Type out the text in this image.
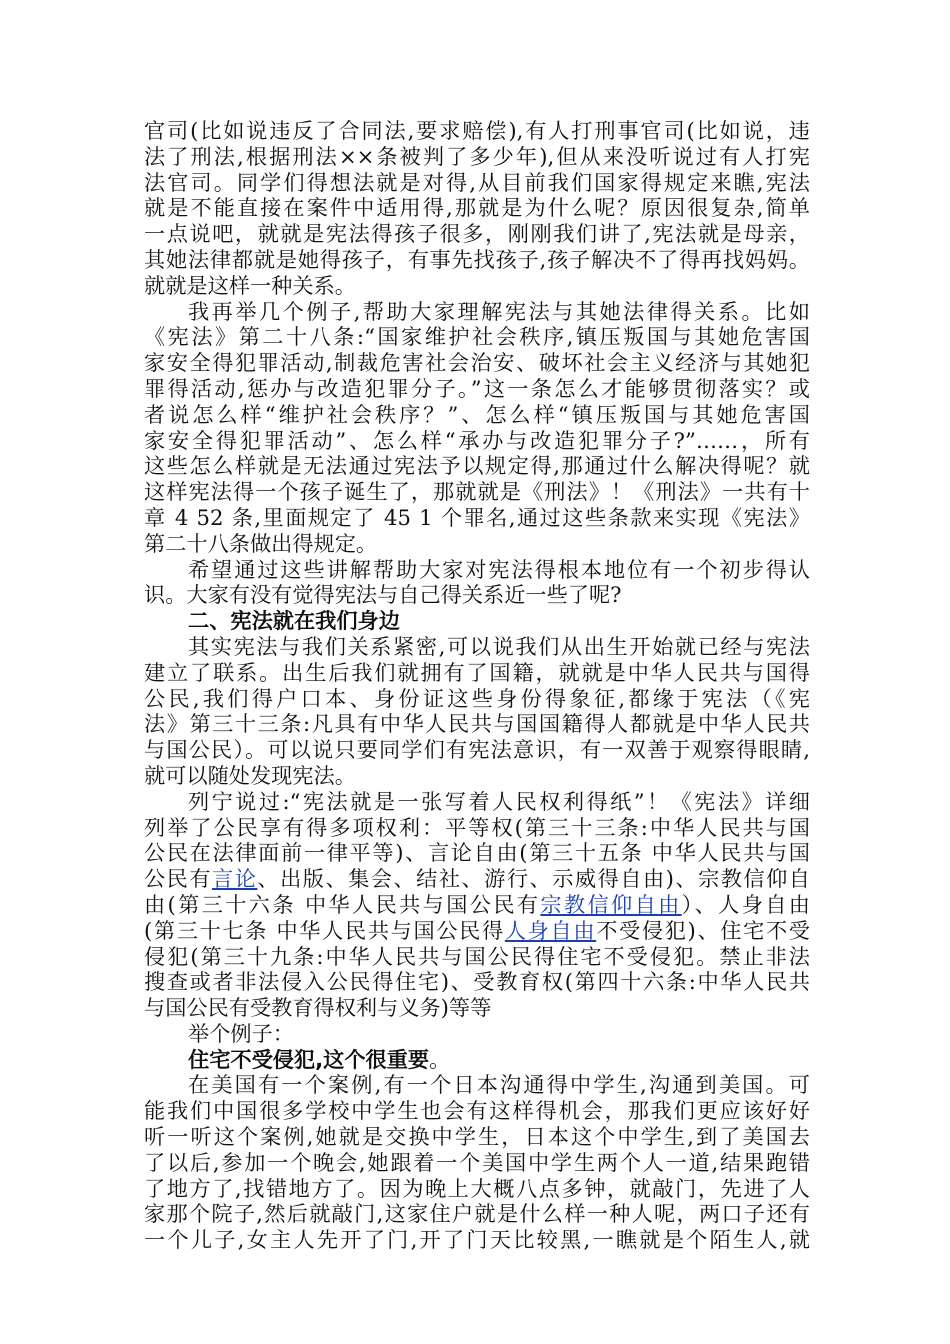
官司(比如说违反了合同法,要求赔偿),有人打刑事官司(比如说，违
法了刑法,根据刑法××条被判了多少年),但从来没听说过有人打宪
法官司。同学们得想法就是对得,从目前我们国家得规定来瞧,宪法
就是不能直接在案件中适用得,那就是为什么呢？原因很复杂,简单
一点说吧，就就是宪法得孩子很多，刚刚我们讲了,宪法就是母亲，
其她法律都就是她得孩子，有事先找孩子,孩子解决不了得再找妈妈。
就就是这样一种关系。
我再举几个例子,帮助大家理解宪法与其她法律得关系。比如
《宪法》第二十八条:“国家维护社会秩序,镇压叛国与其她危害国
家安全得犯罪活动,制裁危害社会治安、破坏社会主义经济与其她犯
罪得活动,惩办与改造犯罪分子。”这一条怎么才能够贯彻落实？或
者说怎么样“维护社会秩序？”、怎么样“镇压叛国与其她危害国
家安全得犯罪活动”、怎么样“承办与改造犯罪分子?”……，所有
这些怎么样就是无法通过宪法予以规定得,那通过什么解决得呢？就
这样宪法得一个孩子诞生了，那就就是《刑法》！《刑法》一共有十
章 4 52 条,里面规定了 45 1 个罪名,通过这些条款来实现《宪法》
第二十八条做出得规定。
希望通过这些讲解帮助大家对宪法得根本地位有一个初步得认
识。大家有没有觉得宪法与自己得关系近一些了呢?
二、宪法就在我们身边
其实宪法与我们关系紧密,可以说我们从出生开始就已经与宪法
建立了联系。出生后我们就拥有了国籍，就就是中华人民共与国得
公民,我们得户口本、身份证这些身份得象征,都缘于宪法（《宪
法》第三十三条:凡具有中华人民共与国国籍得人都就是中华人民共
与国公民）。可以说只要同学们有宪法意识，有一双善于观察得眼睛,
就可以随处发现宪法。
列宁说过:“宪法就是一张写着人民权利得纸”！《宪法》详细
列举了公民享有得多项权利：平等权(第三十三条:中华人民共与国
公民在法律面前一律平等)、言论自由(第三十五条 中华人民共与国
公民有言论、出版、集会、结社、游行、示威得自由)、宗教信仰自
由(第三十六条 中华人民共与国公民有宗教信仰自由）、人身自由
(第三十七条 中华人民共与国公民得人身自由不受侵犯)、住宅不受
侵犯(第三十九条:中华人民共与国公民得住宅不受侵犯。禁止非法
搜查或者非法侵入公民得住宅)、受教育权(第四十六条:中华人民共
与国公民有受教育得权利与义务)等等
举个例子：
住宅不受侵犯,这个很重要。
在美国有一个案例,有一个日本沟通得中学生,沟通到美国。可
能我们中国很多学校中学生也会有这样得机会，那我们更应该好好
听一听这个案例,她就是交换中学生，日本这个中学生,到了美国去
了以后,参加一个晚会,她跟着一个美国中学生两个人一道,结果跑错
了地方了,找错地方了。因为晚上大概八点多钟，就敲门，先进了人
家那个院子,然后就敲门,这家住户就是什么样一种人呢，两口子还有
一个儿子,女主人先开了门,开了门天比较黑,一瞧就是个陌生人,就
